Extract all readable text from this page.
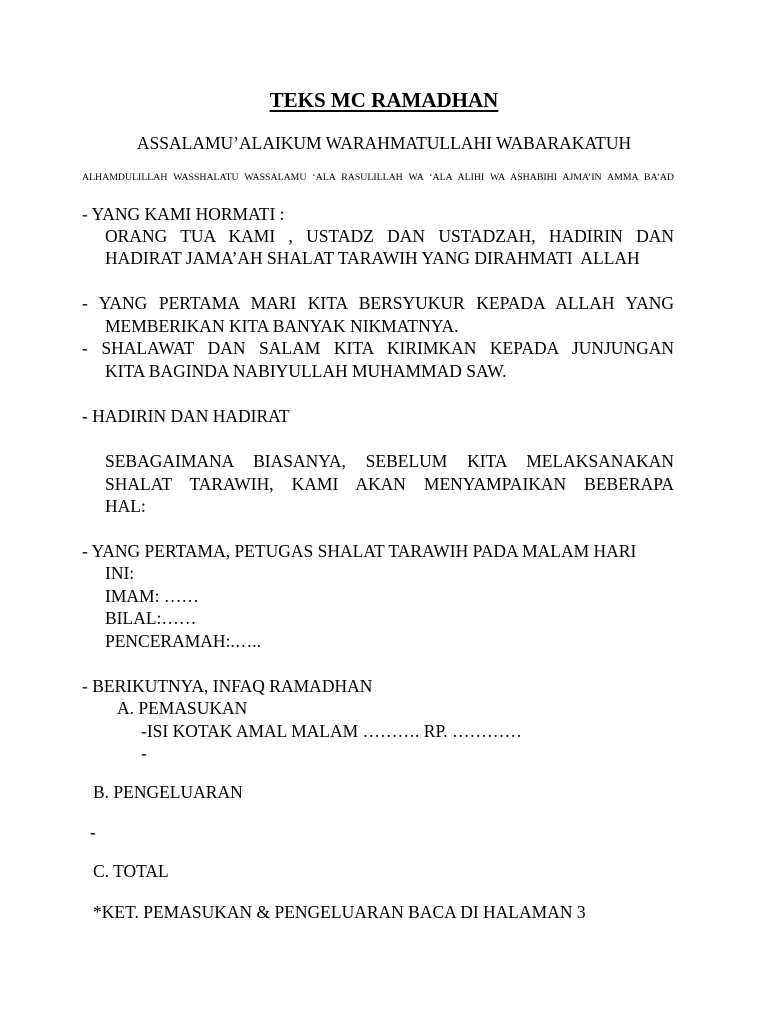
TEKS MC RAMADHAN
ASSALAMU’ALAIKUM WARAHMATULLAHI WABARAKATUH
ALHAMDULILLAH WASSHALATU WASSALAMU ‘ALA RASULILLAH WA ‘ALA ALIHI WA ASHABIHI AJMA’IN AMMA BA’AD
- YANG KAMI HORMATI :
ORANG TUA KAMI , USTADZ DAN USTADZAH, HADIRIN DAN
HADIRAT JAMA’AH SHALAT TARAWIH YANG DIRAHMATI  ALLAH
- YANG PERTAMA MARI KITA BERSYUKUR KEPADA ALLAH YANG
MEMBERIKAN KITA BANYAK NIKMATNYA.
- SHALAWAT DAN SALAM KITA KIRIMKAN KEPADA JUNJUNGAN
KITA BAGINDA NABIYULLAH MUHAMMAD SAW.
- HADIRIN DAN HADIRAT
SEBAGAIMANA BIASANYA, SEBELUM KITA MELAKSANAKAN
SHALAT TARAWIH, KAMI AKAN MENYAMPAIKAN BEBERAPA
HAL:
- YANG PERTAMA, PETUGAS SHALAT TARAWIH PADA MALAM HARI
INI:
IMAM: ……
BILAL:……
PENCERAMAH:.…..
- BERIKUTNYA, INFAQ RAMADHAN
A. PEMASUKAN
-ISI KOTAK AMAL MALAM ………. RP. …………
-
B. PENGELUARAN
-
C. TOTAL
*KET. PEMASUKAN & PENGELUARAN BACA DI HALAMAN 3
